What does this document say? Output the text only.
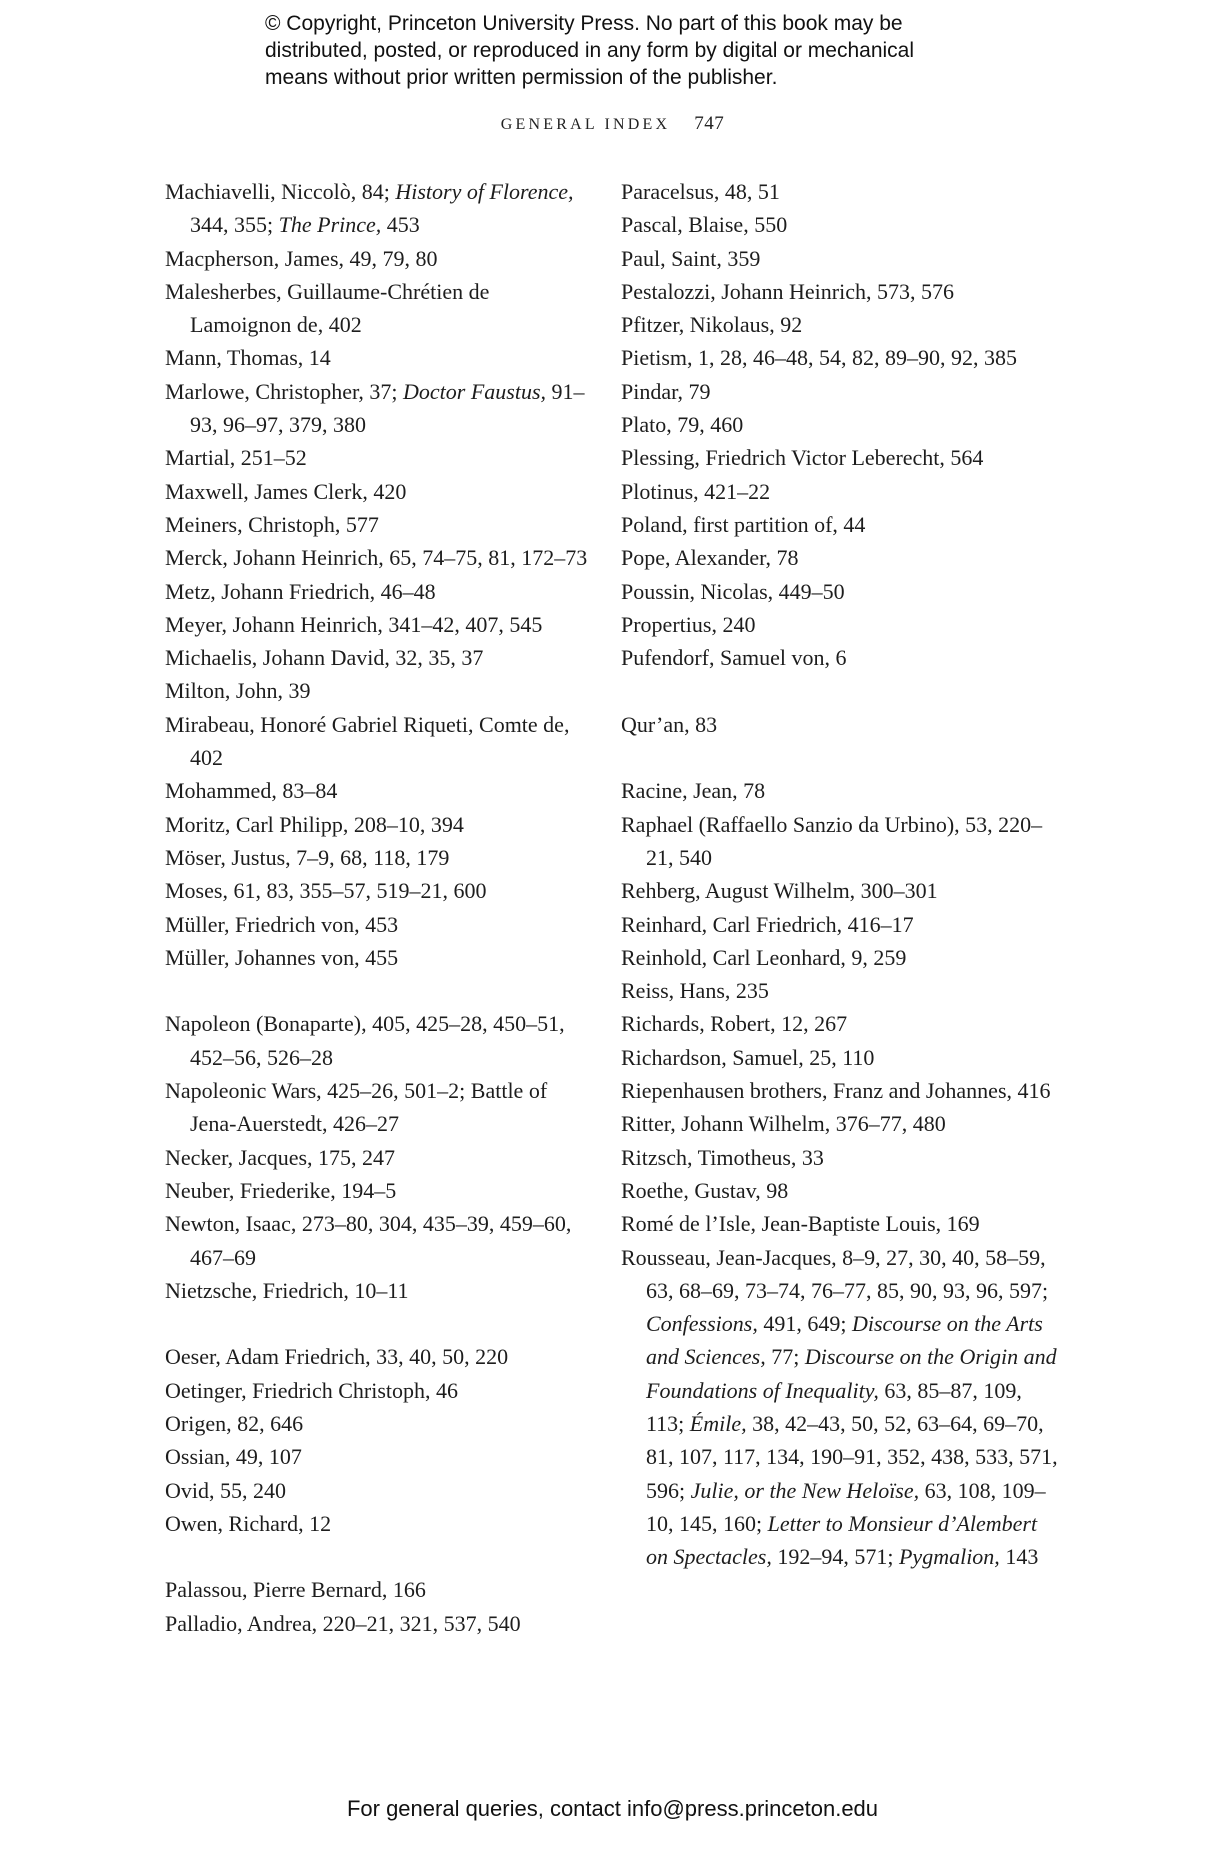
© Copyright, Princeton University Press. No part of this book may be
distributed, posted, or reproduced in any form by digital or mechanical
means without prior written permission of the publisher.
GENERAL INDEX 747
Machiavelli, Niccolò, 84; History of Florence, 344, 355; The Prince, 453
Macpherson, James, 49, 79, 80
Malesherbes, Guillaume-Chrétien de Lamoignon de, 402
Mann, Thomas, 14
Marlowe, Christopher, 37; Doctor Faustus, 91–93, 96–97, 379, 380
Martial, 251–52
Maxwell, James Clerk, 420
Meiners, Christoph, 577
Merck, Johann Heinrich, 65, 74–75, 81, 172–73
Metz, Johann Friedrich, 46–48
Meyer, Johann Heinrich, 341–42, 407, 545
Michaelis, Johann David, 32, 35, 37
Milton, John, 39
Mirabeau, Honoré Gabriel Riqueti, Comte de, 402
Mohammed, 83–84
Moritz, Carl Philipp, 208–10, 394
Möser, Justus, 7–9, 68, 118, 179
Moses, 61, 83, 355–57, 519–21, 600
Müller, Friedrich von, 453
Müller, Johannes von, 455
Napoleon (Bonaparte), 405, 425–28, 450–51, 452–56, 526–28
Napoleonic Wars, 425–26, 501–2; Battle of Jena-Auerstedt, 426–27
Necker, Jacques, 175, 247
Neuber, Friederike, 194–5
Newton, Isaac, 273–80, 304, 435–39, 459–60, 467–69
Nietzsche, Friedrich, 10–11
Oeser, Adam Friedrich, 33, 40, 50, 220
Oetinger, Friedrich Christoph, 46
Origen, 82, 646
Ossian, 49, 107
Ovid, 55, 240
Owen, Richard, 12
Palassou, Pierre Bernard, 166
Palladio, Andrea, 220–21, 321, 537, 540
Paracelsus, 48, 51
Pascal, Blaise, 550
Paul, Saint, 359
Pestalozzi, Johann Heinrich, 573, 576
Pfitzer, Nikolaus, 92
Pietism, 1, 28, 46–48, 54, 82, 89–90, 92, 385
Pindar, 79
Plato, 79, 460
Plessing, Friedrich Victor Leberecht, 564
Plotinus, 421–22
Poland, first partition of, 44
Pope, Alexander, 78
Poussin, Nicolas, 449–50
Propertius, 240
Pufendorf, Samuel von, 6
Qur’an, 83
Racine, Jean, 78
Raphael (Raffaello Sanzio da Urbino), 53, 220–21, 540
Rehberg, August Wilhelm, 300–301
Reinhard, Carl Friedrich, 416–17
Reinhold, Carl Leonhard, 9, 259
Reiss, Hans, 235
Richards, Robert, 12, 267
Richardson, Samuel, 25, 110
Riepenhausen brothers, Franz and Johannes, 416
Ritter, Johann Wilhelm, 376–77, 480
Ritzsch, Timotheus, 33
Roethe, Gustav, 98
Romé de l’Isle, Jean-Baptiste Louis, 169
Rousseau, Jean-Jacques, 8–9, 27, 30, 40, 58–59, 63, 68–69, 73–74, 76–77, 85, 90, 93, 96, 597; Confessions, 491, 649; Discourse on the Arts and Sciences, 77; Discourse on the Origin and Foundations of Inequality, 63, 85–87, 109, 113; Émile, 38, 42–43, 50, 52, 63–64, 69–70, 81, 107, 117, 134, 190–91, 352, 438, 533, 571, 596; Julie, or the New Heloïse, 63, 108, 109–10, 145, 160; Letter to Monsieur d’Alembert on Spectacles, 192–94, 571; Pygmalion, 143
For general queries, contact info@press.princeton.edu
